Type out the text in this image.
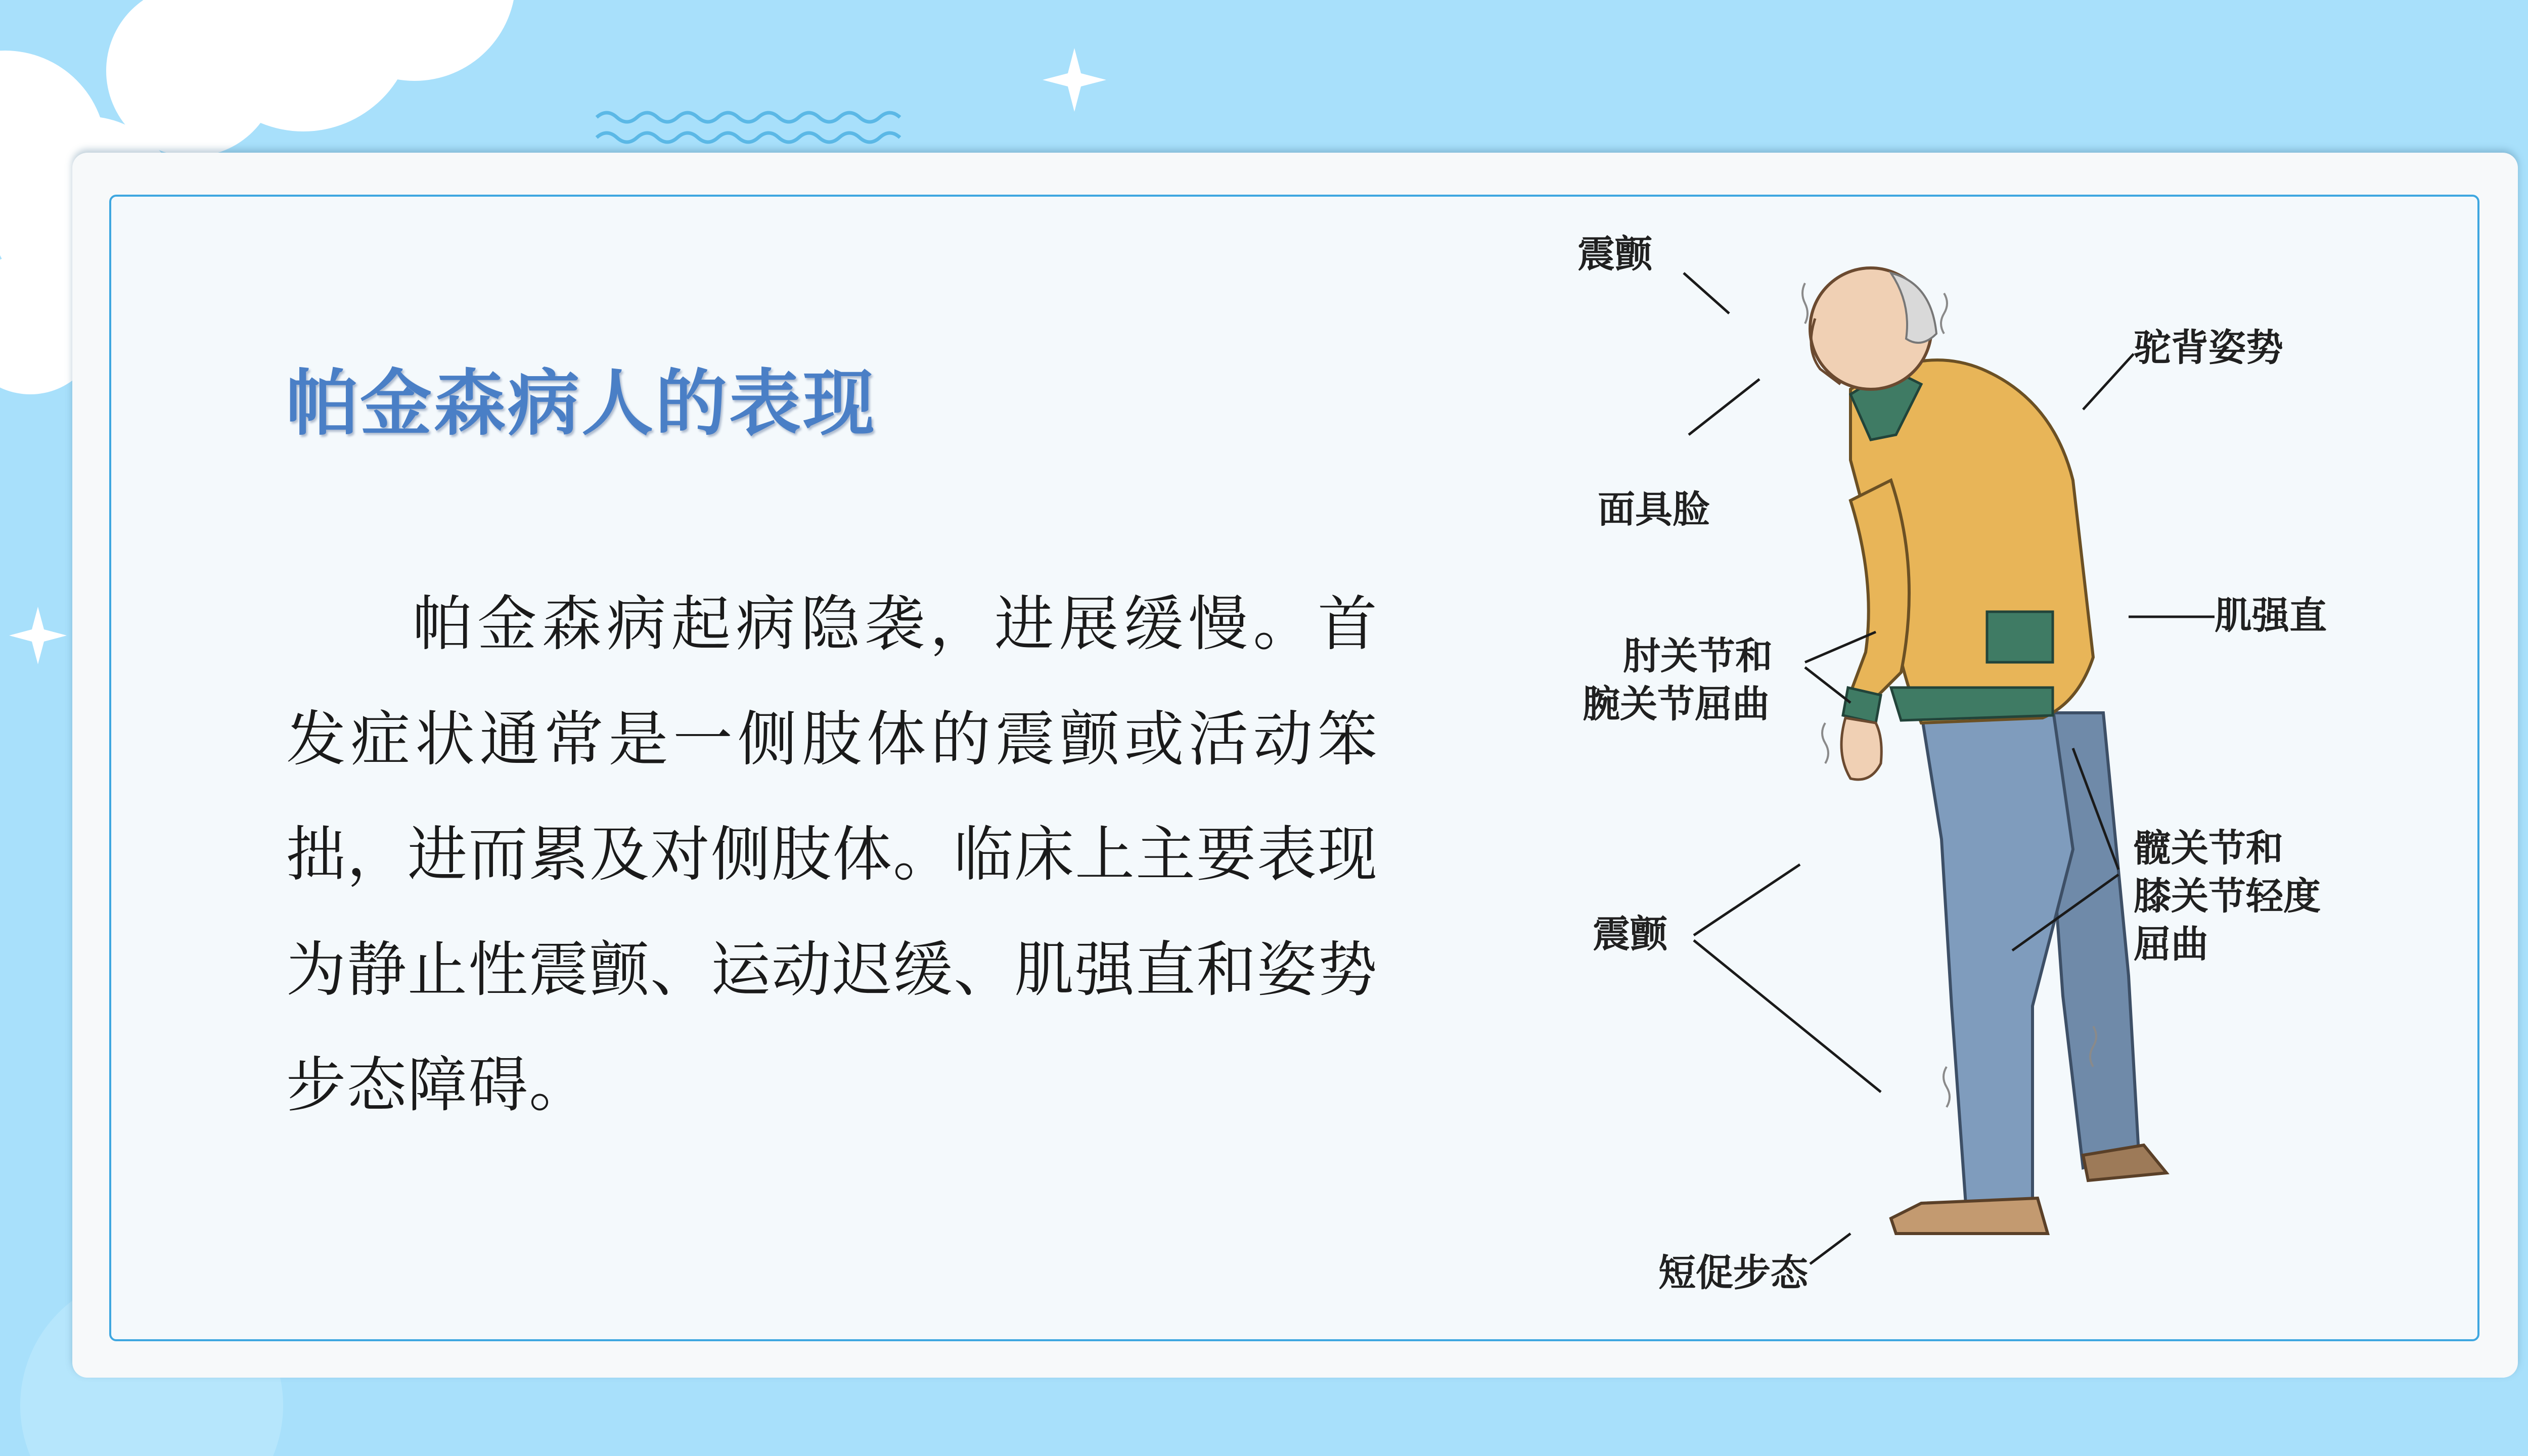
帕金森病人的表现
帕金森病起病隐袭，进展缓慢。首发症状通常是一侧肢体的震颤或活动笨拙，进而累及对侧肢体。临床上主要表现为静止性震颤、运动迟缓、肌强直和姿势步态障碍。
震颤
驼背姿势
面具脸
肌强直
肘关节和
腕关节屈曲
髋关节和
膝关节轻度
屈曲
震颤
短促步态
